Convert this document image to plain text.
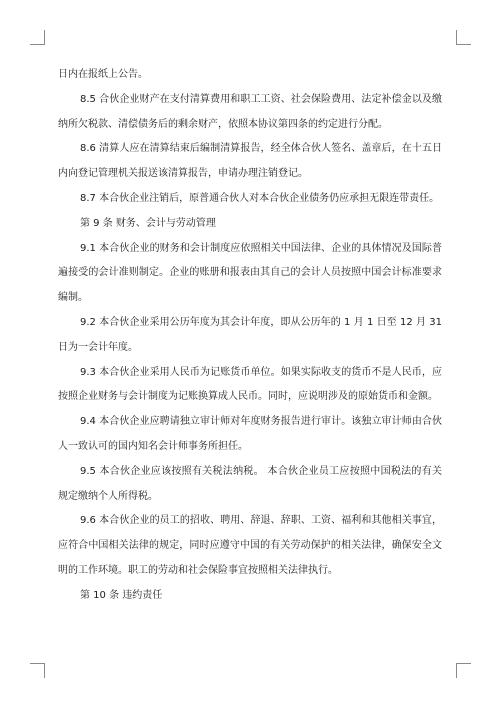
日内在报纸上公告。

8.5 合伙企业财产在支付清算费用和职工工资、社会保险费用、法定补偿金以及缴纳所欠税款、清偿债务后的剩余财产，依照本协议第四条的约定进行分配。

8.6 清算人应在清算结束后编制清算报告，经全体合伙人签名、盖章后，在十五日内向登记管理机关报送该清算报告，申请办理注销登记。

8.7 本合伙企业注销后，原普通合伙人对本合伙企业债务仍应承担无限连带责任。

第 9 条 财务、会计与劳动管理

9.1 本合伙企业的财务和会计制度应依照相关中国法律、企业的具体情况及国际普遍接受的会计准则制定。企业的账册和报表由其自己的会计人员按照中国会计标准要求编制。

9.2 本合伙企业采用公历年度为其会计年度，即从公历年的 1 月 1 日至 12 月 31 日为一会计年度。

9.3 本合伙企业采用人民币为记账货币单位。如果实际收支的货币不是人民币，应按照企业财务与会计制度为记账换算成人民币。同时，应说明涉及的原始货币和金额。

9.4 本合伙企业应聘请独立审计师对年度财务报告进行审计。该独立审计师由合伙人一致认可的国内知名会计师事务所担任。

9.5 本合伙企业应该按照有关税法纳税。 本合伙企业员工应按照中国税法的有关规定缴纳个人所得税。

9.6 本合伙企业的员工的招收、聘用、辞退、辞职、工资、福利和其他相关事宜，应符合中国相关法律的规定，同时应遵守中国的有关劳动保护的相关法律，确保安全文明的工作环境。职工的劳动和社会保险事宜按照相关法律执行。

第 10 条 违约责任
